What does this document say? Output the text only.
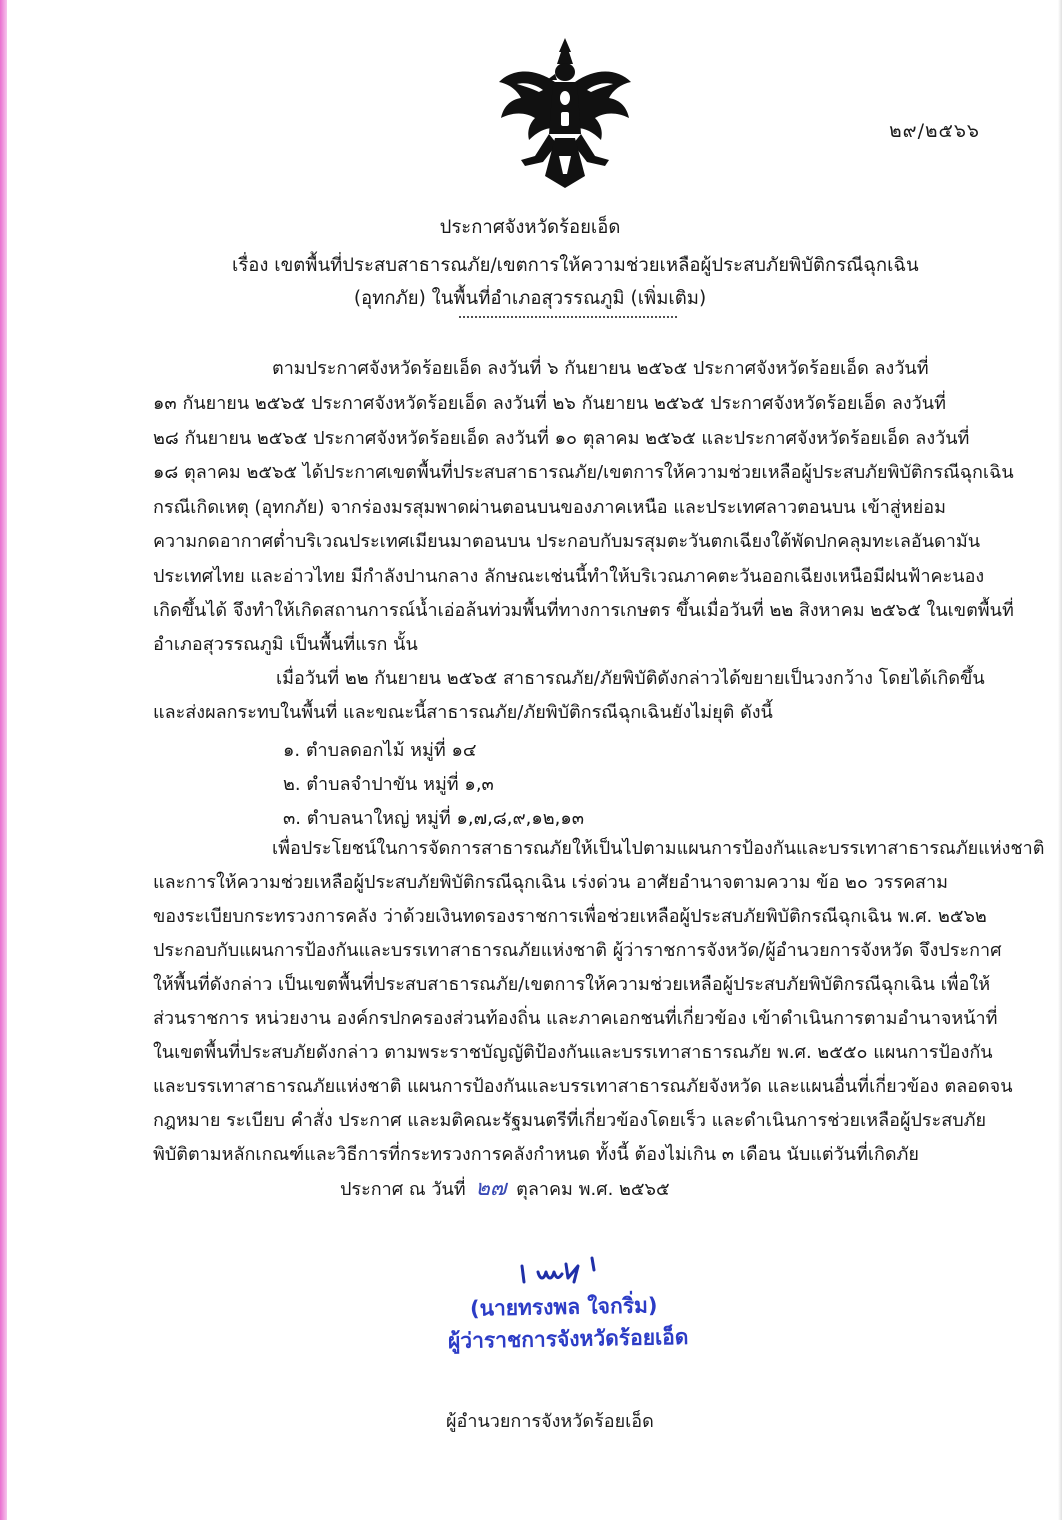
๒๙/๒๕๖๖
ประกาศจังหวัดร้อยเอ็ด
เรื่อง เขตพื้นที่ประสบสาธารณภัย/เขตการให้ความช่วยเหลือผู้ประสบภัยพิบัติกรณีฉุกเฉิน
(อุทกภัย) ในพื้นที่อำเภอสุวรรณภูมิ (เพิ่มเติม)
ตามประกาศจังหวัดร้อยเอ็ด ลงวันที่ ๖ กันยายน ๒๕๖๕ ประกาศจังหวัดร้อยเอ็ด ลงวันที่
๑๓ กันยายน ๒๕๖๕ ประกาศจังหวัดร้อยเอ็ด ลงวันที่ ๒๖ กันยายน ๒๕๖๕ ประกาศจังหวัดร้อยเอ็ด ลงวันที่
๒๘ กันยายน ๒๕๖๕ ประกาศจังหวัดร้อยเอ็ด ลงวันที่ ๑๐ ตุลาคม ๒๕๖๕ และประกาศจังหวัดร้อยเอ็ด ลงวันที่
๑๘ ตุลาคม ๒๕๖๕ ได้ประกาศเขตพื้นที่ประสบสาธารณภัย/เขตการให้ความช่วยเหลือผู้ประสบภัยพิบัติกรณีฉุกเฉิน
กรณีเกิดเหตุ (อุทกภัย) จากร่องมรสุมพาดผ่านตอนบนของภาคเหนือ และประเทศลาวตอนบน เข้าสู่หย่อม
ความกดอากาศต่ำบริเวณประเทศเมียนมาตอนบน ประกอบกับมรสุมตะวันตกเฉียงใต้พัดปกคลุมทะเลอันดามัน
ประเทศไทย และอ่าวไทย มีกำลังปานกลาง ลักษณะเช่นนี้ทำให้บริเวณภาคตะวันออกเฉียงเหนือมีฝนฟ้าคะนอง
เกิดขึ้นได้ จึงทำให้เกิดสถานการณ์น้ำเอ่อล้นท่วมพื้นที่ทางการเกษตร ขึ้นเมื่อวันที่ ๒๒ สิงหาคม ๒๕๖๕ ในเขตพื้นที่
อำเภอสุวรรณภูมิ เป็นพื้นที่แรก นั้น
เมื่อวันที่ ๒๒ กันยายน ๒๕๖๕ สาธารณภัย/ภัยพิบัติดังกล่าวได้ขยายเป็นวงกว้าง โดยได้เกิดขึ้น
และส่งผลกระทบในพื้นที่ และขณะนี้สาธารณภัย/ภัยพิบัติกรณีฉุกเฉินยังไม่ยุติ ดังนี้
๑. ตำบลดอกไม้ หมู่ที่ ๑๔
๒. ตำบลจำปาขัน หมู่ที่ ๑,๓
๓. ตำบลนาใหญ่ หมู่ที่ ๑,๗,๘,๙,๑๒,๑๓
เพื่อประโยชน์ในการจัดการสาธารณภัยให้เป็นไปตามแผนการป้องกันและบรรเทาสาธารณภัยแห่งชาติ
และการให้ความช่วยเหลือผู้ประสบภัยพิบัติกรณีฉุกเฉิน เร่งด่วน อาศัยอำนาจตามความ ข้อ ๒๐ วรรคสาม
ของระเบียบกระทรวงการคลัง ว่าด้วยเงินทดรองราชการเพื่อช่วยเหลือผู้ประสบภัยพิบัติกรณีฉุกเฉิน พ.ศ. ๒๕๖๒
ประกอบกับแผนการป้องกันและบรรเทาสาธารณภัยแห่งชาติ ผู้ว่าราชการจังหวัด/ผู้อำนวยการจังหวัด จึงประกาศ
ให้พื้นที่ดังกล่าว เป็นเขตพื้นที่ประสบสาธารณภัย/เขตการให้ความช่วยเหลือผู้ประสบภัยพิบัติกรณีฉุกเฉิน เพื่อให้
ส่วนราชการ หน่วยงาน องค์กรปกครองส่วนท้องถิ่น และภาคเอกชนที่เกี่ยวข้อง เข้าดำเนินการตามอำนาจหน้าที่
ในเขตพื้นที่ประสบภัยดังกล่าว ตามพระราชบัญญัติป้องกันและบรรเทาสาธารณภัย พ.ศ. ๒๕๕๐ แผนการป้องกัน
และบรรเทาสาธารณภัยแห่งชาติ แผนการป้องกันและบรรเทาสาธารณภัยจังหวัด และแผนอื่นที่เกี่ยวข้อง ตลอดจน
กฎหมาย ระเบียบ คำสั่ง ประกาศ และมติคณะรัฐมนตรีที่เกี่ยวข้องโดยเร็ว และดำเนินการช่วยเหลือผู้ประสบภัย
พิบัติตามหลักเกณฑ์และวิธีการที่กระทรวงการคลังกำหนด ทั้งนี้ ต้องไม่เกิน ๓ เดือน นับแต่วันที่เกิดภัย
ประกาศ ณ วันที่ ๒๗ ตุลาคม พ.ศ. ๒๕๖๕
(นายทรงพล ใจกริ่ม)
ผู้ว่าราชการจังหวัดร้อยเอ็ด
ผู้อำนวยการจังหวัดร้อยเอ็ด
